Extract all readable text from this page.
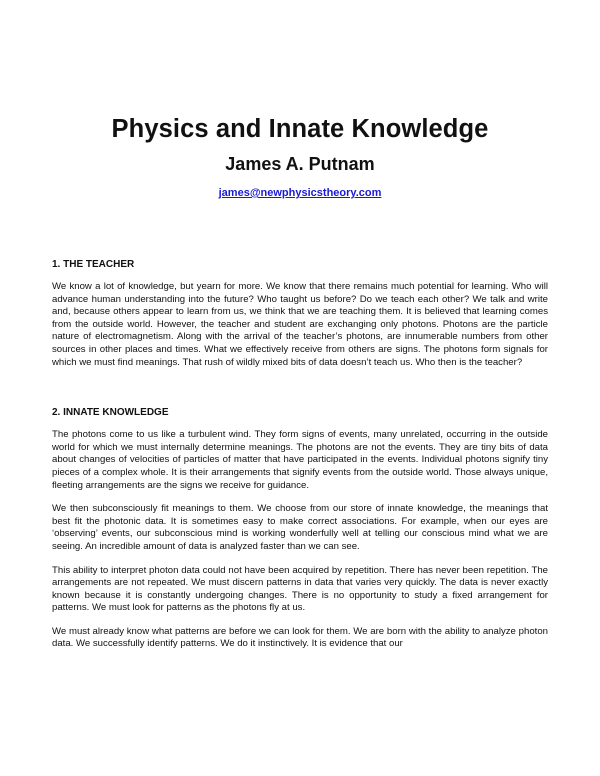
Physics and Innate Knowledge
James A. Putnam
james@newphysicstheory.com
1. THE TEACHER

We know a lot of knowledge, but yearn for more. We know that there remains much potential for learning. Who will advance human understanding into the future? Who taught us before? Do we teach each other? We talk and write and, because others appear to learn from us, we think that we are teaching them. It is believed that learning comes from the outside world. However, the teacher and student are exchanging only photons. Photons are the particle nature of electromagnetism. Along with the arrival of the teacher’s photons, are innumerable numbers from other sources in other places and times. What we effectively receive from others are signs. The photons form signals for which we must find meanings. That rush of wildly mixed bits of data doesn’t teach us. Who then is the teacher?

2. INNATE KNOWLEDGE

The photons come to us like a turbulent wind. They form signs of events, many unrelated, occurring in the outside world for which we must internally determine meanings. The photons are not the events. They are tiny bits of data about changes of velocities of particles of matter that have participated in the events. Individual photons signify tiny pieces of a complex whole. It is their arrangements that signify events from the outside world. Those always unique, fleeting arrangements are the signs we receive for guidance.

We then subconsciously fit meanings to them. We choose from our store of innate knowledge, the meanings that best fit the photonic data. It is sometimes easy to make correct associations. For example, when our eyes are ‘observing’ events, our subconscious mind is working wonderfully well at telling our conscious mind what we are seeing. An incredible amount of data is analyzed faster than we can see.

This ability to interpret photon data could not have been acquired by repetition. There has never been repetition. The arrangements are not repeated. We must discern patterns in data that varies very quickly. The data is never exactly known because it is constantly undergoing changes. There is no opportunity to study a fixed arrangement for patterns. We must look for patterns as the photons fly at us.

We must already know what patterns are before we can look for them. We are born with the ability to analyze photon data. We successfully identify patterns. We do it instinctively. It is evidence that our
